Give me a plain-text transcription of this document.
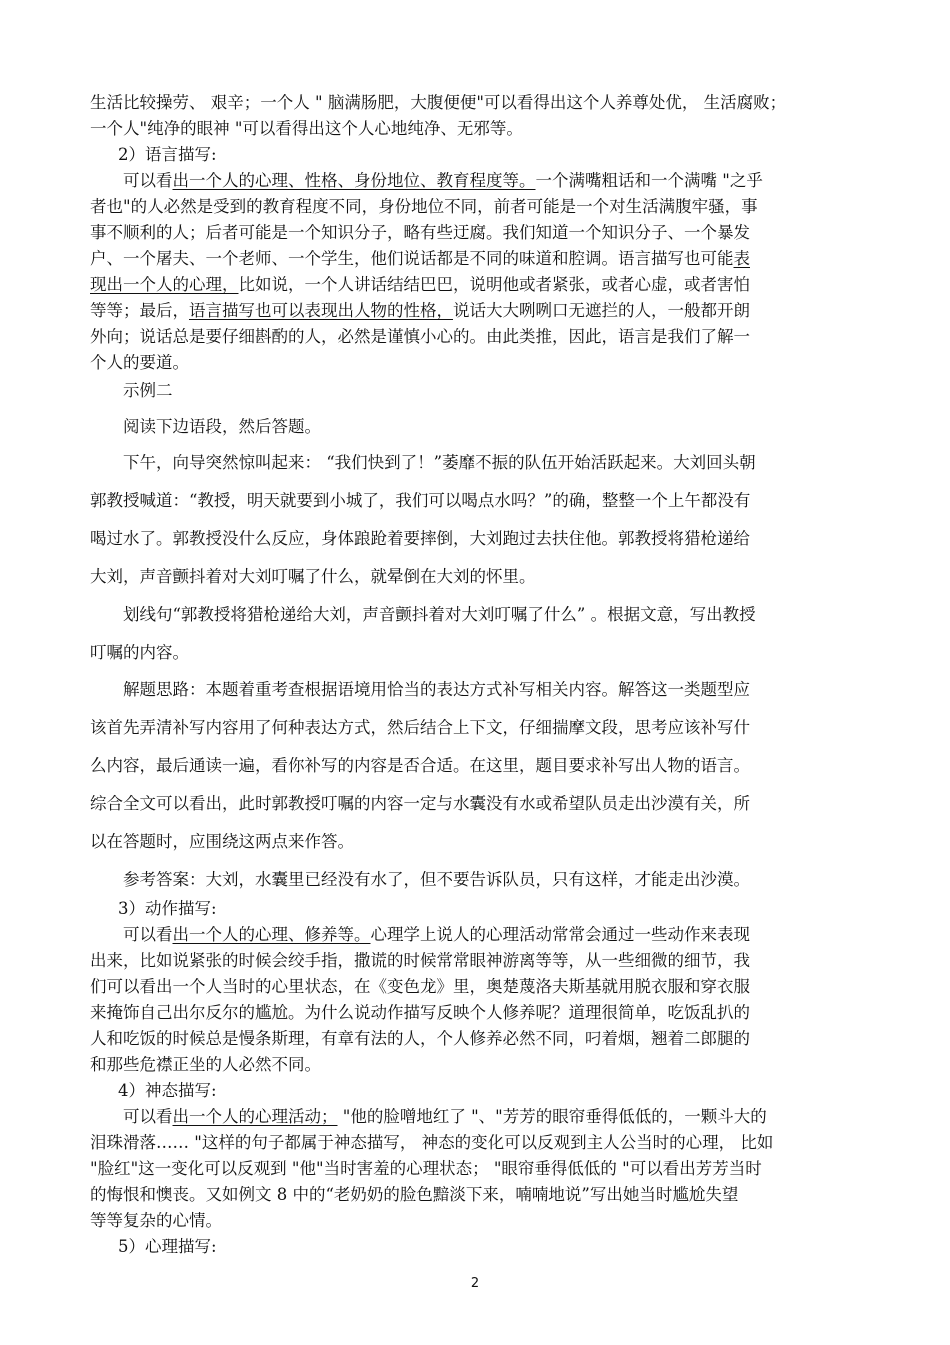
生活比较操劳、 艰辛；一个人 " 脑满肠肥，大腹便便"可以看得出这个人养尊处优， 生活腐败；
一个人"纯净的眼神 "可以看得出这个人心地纯净、无邪等。
2）语言描写:
可以看出一个人的心理、性格、身份地位、教育程度等。一个满嘴粗话和一个满嘴 "之乎
者也"的人必然是受到的教育程度不同，身份地位不同，前者可能是一个对生活满腹牢骚，事
事不顺利的人；后者可能是一个知识分子，略有些迂腐。我们知道一个知识分子、一个暴发
户、一个屠夫、一个老师、一个学生，他们说话都是不同的味道和腔调。语言描写也可能表
现出一个人的心理，比如说，一个人讲话结结巴巴，说明他或者紧张，或者心虚，或者害怕
等等；最后，语言描写也可以表现出人物的性格，说话大大咧咧口无遮拦的人，一般都开朗
外向；说话总是要仔细斟酌的人，必然是谨慎小心的。由此类推，因此，语言是我们了解一
个人的要道。
示例二
阅读下边语段，然后答题。
下午，向导突然惊叫起来： “我们快到了！”萎靡不振的队伍开始活跃起来。大刘回头朝
郭教授喊道：“教授，明天就要到小城了，我们可以喝点水吗？”的确，整整一个上午都没有
喝过水了。郭教授没什么反应，身体踉跄着要摔倒，大刘跑过去扶住他。郭教授将猎枪递给
大刘，声音颤抖着对大刘叮嘱了什么，就晕倒在大刘的怀里。
划线句“郭教授将猎枪递给大刘，声音颤抖着对大刘叮嘱了什么” 。根据文意，写出教授
叮嘱的内容。
解题思路：本题着重考查根据语境用恰当的表达方式补写相关内容。解答这一类题型应
该首先弄清补写内容用了何种表达方式，然后结合上下文，仔细揣摩文段，思考应该补写什
么内容，最后通读一遍，看你补写的内容是否合适。在这里，题目要求补写出人物的语言。
综合全文可以看出，此时郭教授叮嘱的内容一定与水囊没有水或希望队员走出沙漠有关，所
以在答题时，应围绕这两点来作答。
参考答案：大刘，水囊里已经没有水了，但不要告诉队员，只有这样，才能走出沙漠。
3）动作描写:
可以看出一个人的心理、修养等。心理学上说人的心理活动常常会通过一些动作来表现
出来，比如说紧张的时候会绞手指，撒谎的时候常常眼神游离等等，从一些细微的细节，我
们可以看出一个人当时的心里状态，在《变色龙》里，奥楚蔑洛夫斯基就用脱衣服和穿衣服
来掩饰自己出尔反尔的尴尬。为什么说动作描写反映个人修养呢？道理很简单，吃饭乱扒的
人和吃饭的时候总是慢条斯理，有章有法的人，个人修养必然不同，叼着烟，翘着二郎腿的
和那些危襟正坐的人必然不同。
4）神态描写:
可以看出一个人的心理活动； "他的脸噌地红了 "、"芳芳的眼帘垂得低低的，一颗斗大的
泪珠滑落…… "这样的句子都属于神态描写， 神态的变化可以反观到主人公当时的心理， 比如
"脸红"这一变化可以反观到 "他"当时害羞的心理状态； "眼帘垂得低低的 "可以看出芳芳当时
的悔恨和懊丧。又如例文 8 中的“老奶奶的脸色黯淡下来，喃喃地说”写出她当时尴尬失望
等等复杂的心情。
5）心理描写:
2
